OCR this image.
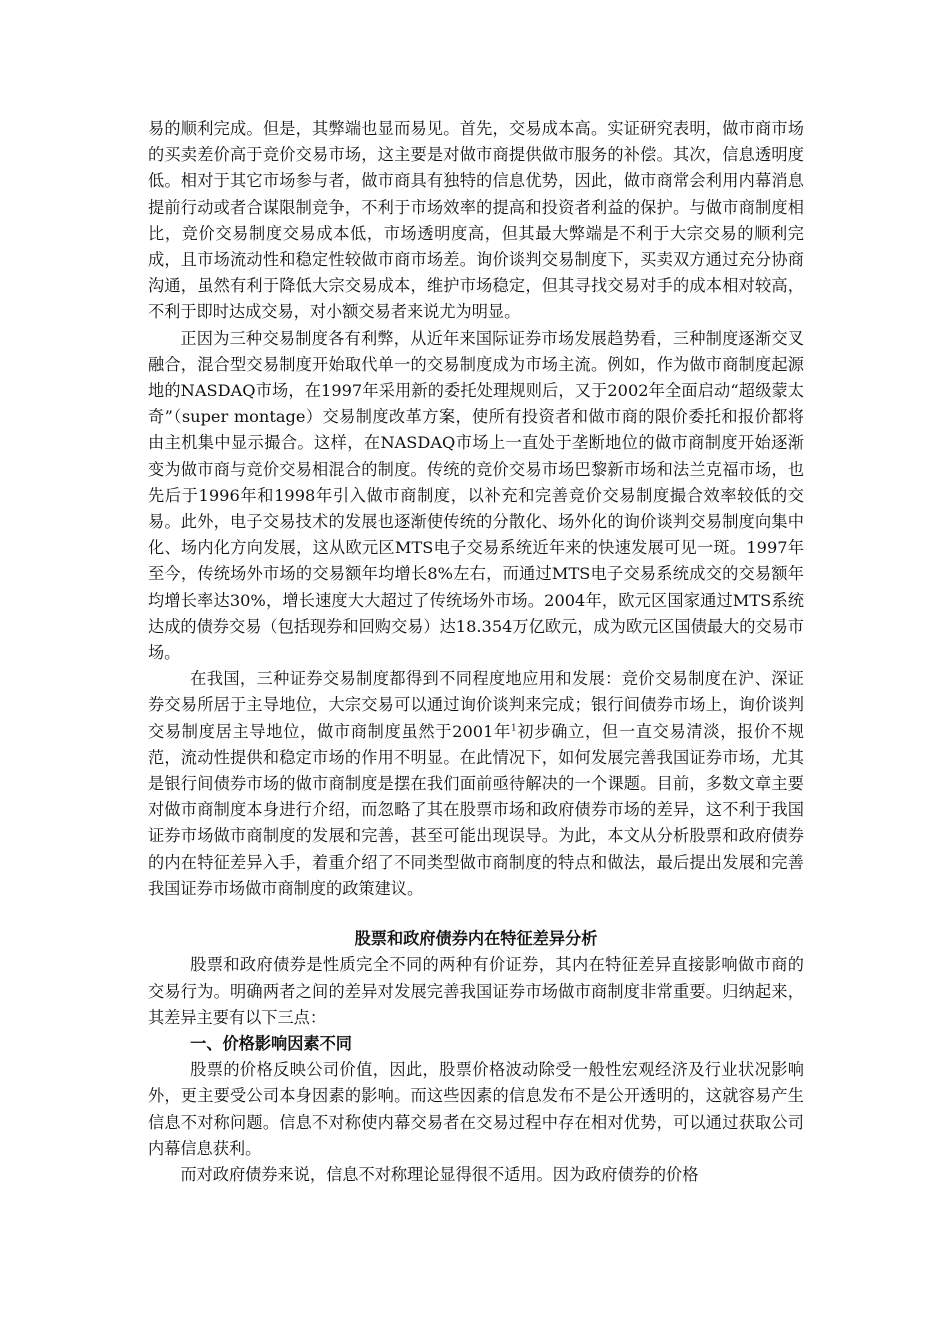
易的顺利完成。但是，其弊端也显而易见。首先，交易成本高。实证研究表明，做市商市场的买卖差价高于竞价交易市场，这主要是对做市商提供做市服务的补偿。其次，信息透明度低。相对于其它市场参与者，做市商具有独特的信息优势，因此，做市商常会利用内幕消息提前行动或者合谋限制竞争，不利于市场效率的提高和投资者利益的保护。与做市商制度相比，竞价交易制度交易成本低，市场透明度高，但其最大弊端是不利于大宗交易的顺利完成，且市场流动性和稳定性较做市商市场差。询价谈判交易制度下，买卖双方通过充分协商沟通，虽然有利于降低大宗交易成本，维护市场稳定，但其寻找交易对手的成本相对较高，不利于即时达成交易，对小额交易者来说尤为明显。

正因为三种交易制度各有利弊，从近年来国际证券市场发展趋势看，三种制度逐渐交叉融合，混合型交易制度开始取代单一的交易制度成为市场主流。例如，作为做市商制度起源地的NASDAQ市场，在1997年采用新的委托处理规则后，又于2002年全面启动“超级蒙太奇”（super montage）交易制度改革方案，使所有投资者和做市商的限价委托和报价都将由主机集中显示撮合。这样，在NASDAQ市场上一直处于垄断地位的做市商制度开始逐渐变为做市商与竞价交易相混合的制度。传统的竞价交易市场巴黎新市场和法兰克福市场，也先后于1996年和1998年引入做市商制度，以补充和完善竞价交易制度撮合效率较低的交易。此外，电子交易技术的发展也逐渐使传统的分散化、场外化的询价谈判交易制度向集中化、场内化方向发展，这从欧元区MTS电子交易系统近年来的快速发展可见一斑。1997年至今，传统场外市场的交易额年均增长8%左右，而通过MTS电子交易系统成交的交易额年均增长率达30%，增长速度大大超过了传统场外市场。2004年，欧元区国家通过MTS系统达成的债券交易（包括现券和回购交易）达18.354万亿欧元，成为欧元区国债最大的交易市场。

在我国，三种证券交易制度都得到不同程度地应用和发展：竞价交易制度在沪、深证券交易所居于主导地位，大宗交易可以通过询价谈判来完成；银行间债券市场上，询价谈判交易制度居主导地位，做市商制度虽然于2001年$^1$初步确立，但一直交易清淡，报价不规范，流动性提供和稳定市场的作用不明显。在此情况下，如何发展完善我国证券市场，尤其是银行间债券市场的做市商制度是摆在我们面前亟待解决的一个课题。目前，多数文章主要对做市商制度本身进行介绍，而忽略了其在股票市场和政府债券市场的差异，这不利于我国证券市场做市商制度的发展和完善，甚至可能出现误导。为此，本文从分析股票和政府债券的内在特征差异入手，着重介绍了不同类型做市商制度的特点和做法，最后提出发展和完善我国证券市场做市商制度的政策建议。

股票和政府债券内在特征差异分析

股票和政府债券是性质完全不同的两种有价证券，其内在特征差异直接影响做市商的交易行为。明确两者之间的差异对发展完善我国证券市场做市商制度非常重要。归纳起来，其差异主要有以下三点：

一、价格影响因素不同

股票的价格反映公司价值，因此，股票价格波动除受一般性宏观经济及行业状况影响外，更主要受公司本身因素的影响。而这些因素的信息发布不是公开透明的，这就容易产生信息不对称问题。信息不对称使内幕交易者在交易过程中存在相对优势，可以通过获取公司内幕信息获利。

而对政府债券来说，信息不对称理论显得很不适用。因为政府债券的价格
